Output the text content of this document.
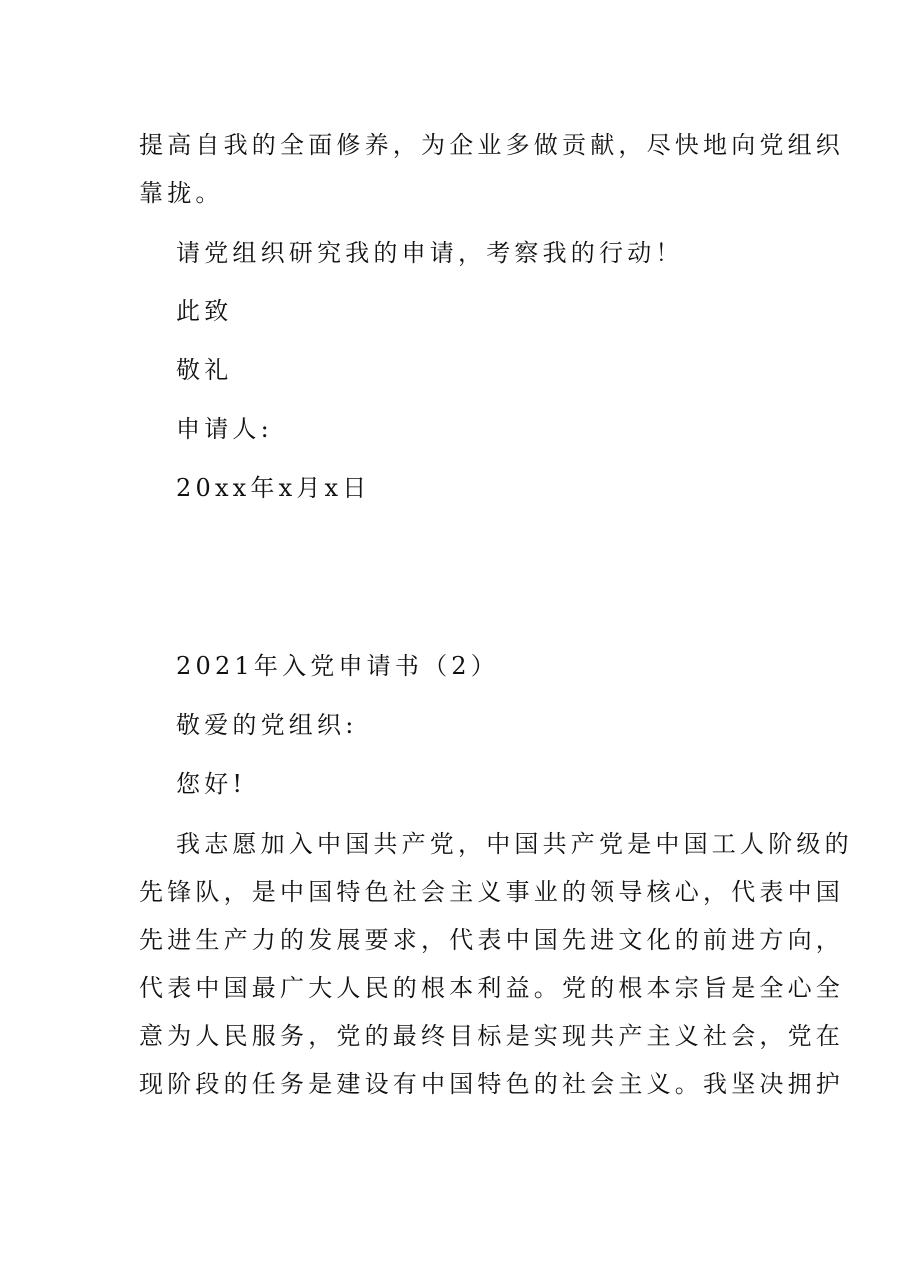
提高自我的全面修养，为企业多做贡献，尽快地向党组织

靠拢。

请党组织研究我的申请，考察我的行动！

此致

敬礼

申请人:

20xx年x月x日

2021年入党申请书（2）

敬爱的党组织:

您好!

我志愿加入中国共产党，中国共产党是中国工人阶级的

先锋队，是中国特色社会主义事业的领导核心，代表中国

先进生产力的发展要求，代表中国先进文化的前进方向，

代表中国最广大人民的根本利益。党的根本宗旨是全心全

意为人民服务，党的最终目标是实现共产主义社会，党在

现阶段的任务是建设有中国特色的社会主义。我坚决拥护
